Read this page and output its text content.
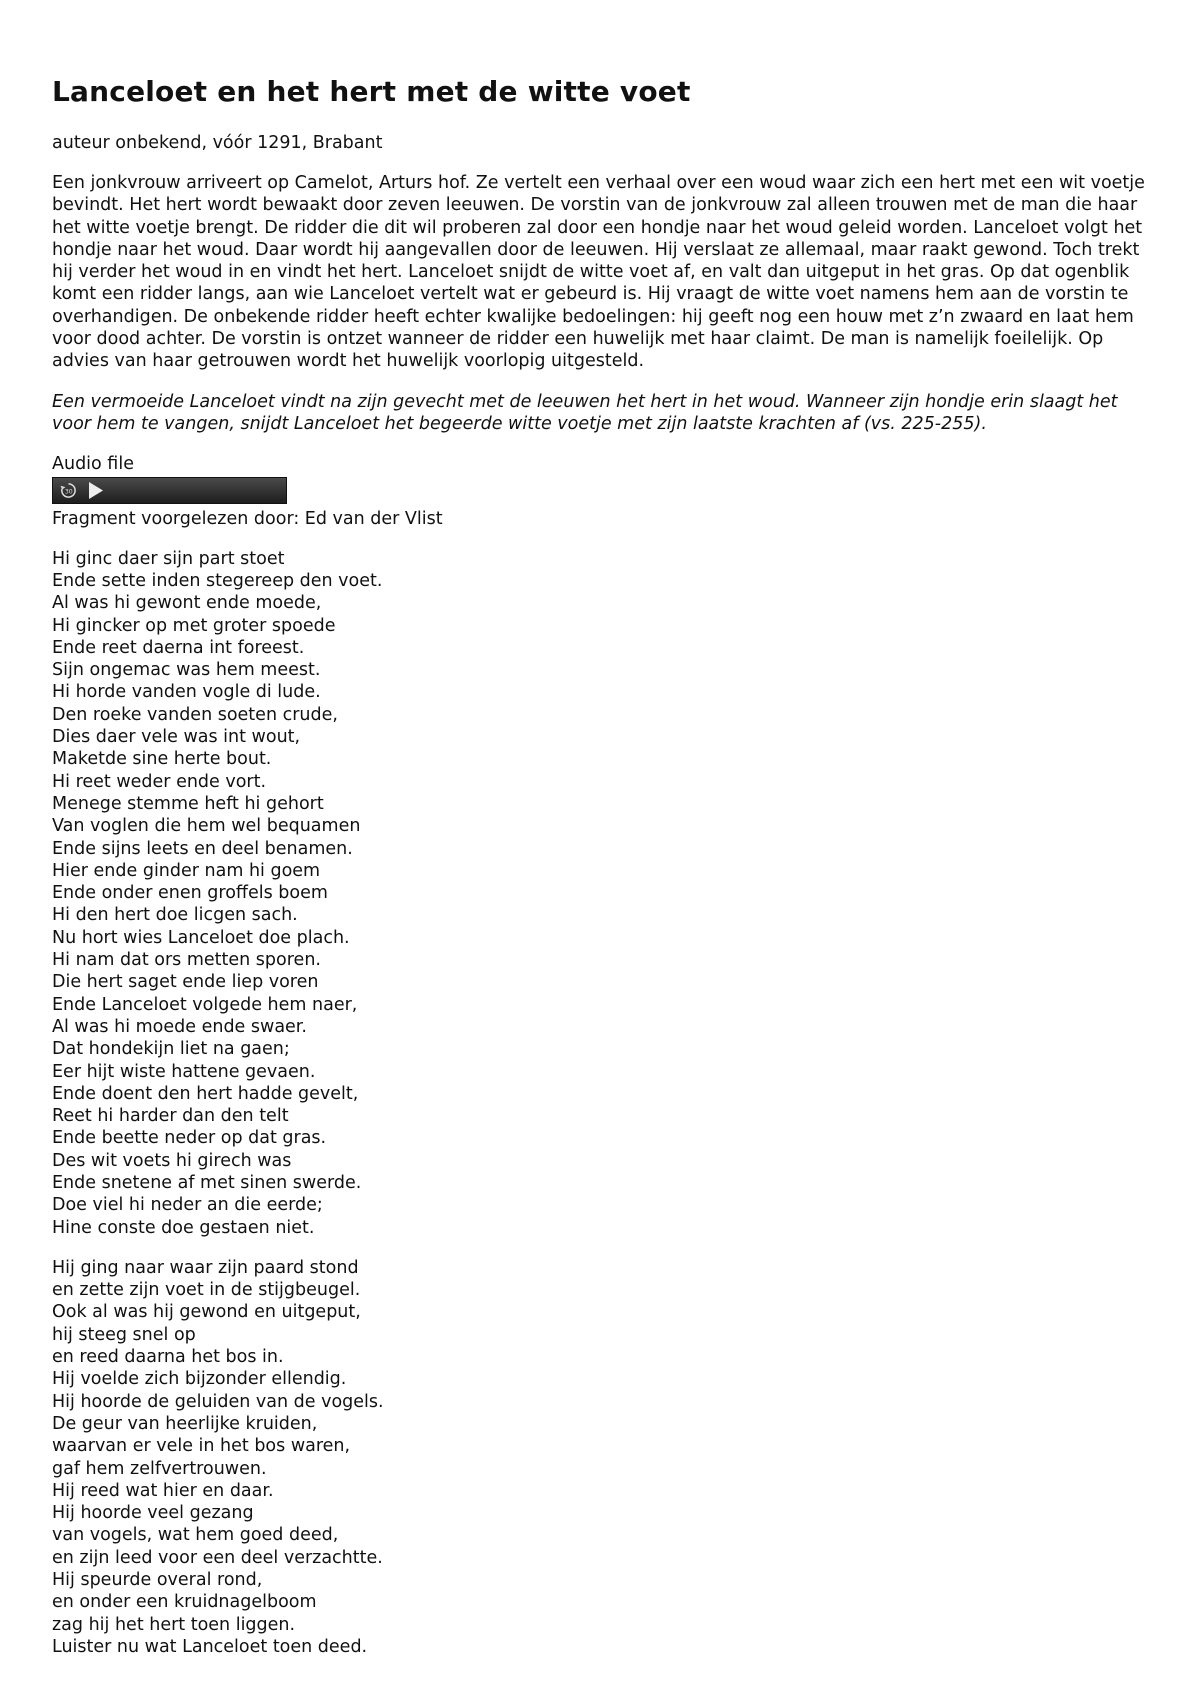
Lanceloet en het hert met de witte voet

auteur onbekend, vóór 1291, Brabant

Een jonkvrouw arriveert op Camelot, Arturs hof. Ze vertelt een verhaal over een woud waar zich een hert met een wit voetje bevindt. Het hert wordt bewaakt door zeven leeuwen. De vorstin van de jonkvrouw zal alleen trouwen met de man die haar het witte voetje brengt. De ridder die dit wil proberen zal door een hondje naar het woud geleid worden. Lanceloet volgt het hondje naar het woud. Daar wordt hij aangevallen door de leeuwen. Hij verslaat ze allemaal, maar raakt gewond. Toch trekt hij verder het woud in en vindt het hert. Lanceloet snijdt de witte voet af, en valt dan uitgeput in het gras. Op dat ogenblik komt een ridder langs, aan wie Lanceloet vertelt wat er gebeurd is. Hij vraagt de witte voet namens hem aan de vorstin te overhandigen. De onbekende ridder heeft echter kwalijke bedoelingen: hij geeft nog een houw met z’n zwaard en laat hem voor dood achter. De vorstin is ontzet wanneer de ridder een huwelijk met haar claimt. De man is namelijk foeilelijk. Op advies van haar getrouwen wordt het huwelijk voorlopig uitgesteld.

Een vermoeide Lanceloet vindt na zijn gevecht met de leeuwen het hert in het woud. Wanneer zijn hondje erin slaagt het voor hem te vangen, snijdt Lanceloet het begeerde witte voetje met zijn laatste krachten af (vs. 225-255).

Audio file
30
Fragment voorgelezen door: Ed van der Vlist
Hi ginc daer sijn part stoet
Ende sette inden stegereep den voet.
Al was hi gewont ende moede,
Hi gincker op met groter spoede
Ende reet daerna int foreest.
Sijn ongemac was hem meest.
Hi horde vanden vogle di lude.
Den roeke vanden soeten crude,
Dies daer vele was int wout,
Maketde sine herte bout.
Hi reet weder ende vort.
Menege stemme heft hi gehort
Van voglen die hem wel bequamen
Ende sijns leets en deel benamen.
Hier ende ginder nam hi goem
Ende onder enen groffels boem
Hi den hert doe licgen sach.
Nu hort wies Lanceloet doe plach.
Hi nam dat ors metten sporen.
Die hert saget ende liep voren
Ende Lanceloet volgede hem naer,
Al was hi moede ende swaer.
Dat hondekijn liet na gaen;
Eer hijt wiste hattene gevaen.
Ende doent den hert hadde gevelt,
Reet hi harder dan den telt
Ende beette neder op dat gras.
Des wit voets hi girech was
Ende snetene af met sinen swerde.
Doe viel hi neder an die eerde;
Hine conste doe gestaen niet.
Hij ging naar waar zijn paard stond
en zette zijn voet in de stijgbeugel.
Ook al was hij gewond en uitgeput,
hij steeg snel op
en reed daarna het bos in.
Hij voelde zich bijzonder ellendig.
Hij hoorde de geluiden van de vogels.
De geur van heerlijke kruiden,
waarvan er vele in het bos waren,
gaf hem zelfvertrouwen.
Hij reed wat hier en daar.
Hij hoorde veel gezang
van vogels, wat hem goed deed,
en zijn leed voor een deel verzachtte.
Hij speurde overal rond,
en onder een kruidnagelboom
zag hij het hert toen liggen.
Luister nu wat Lanceloet toen deed.
